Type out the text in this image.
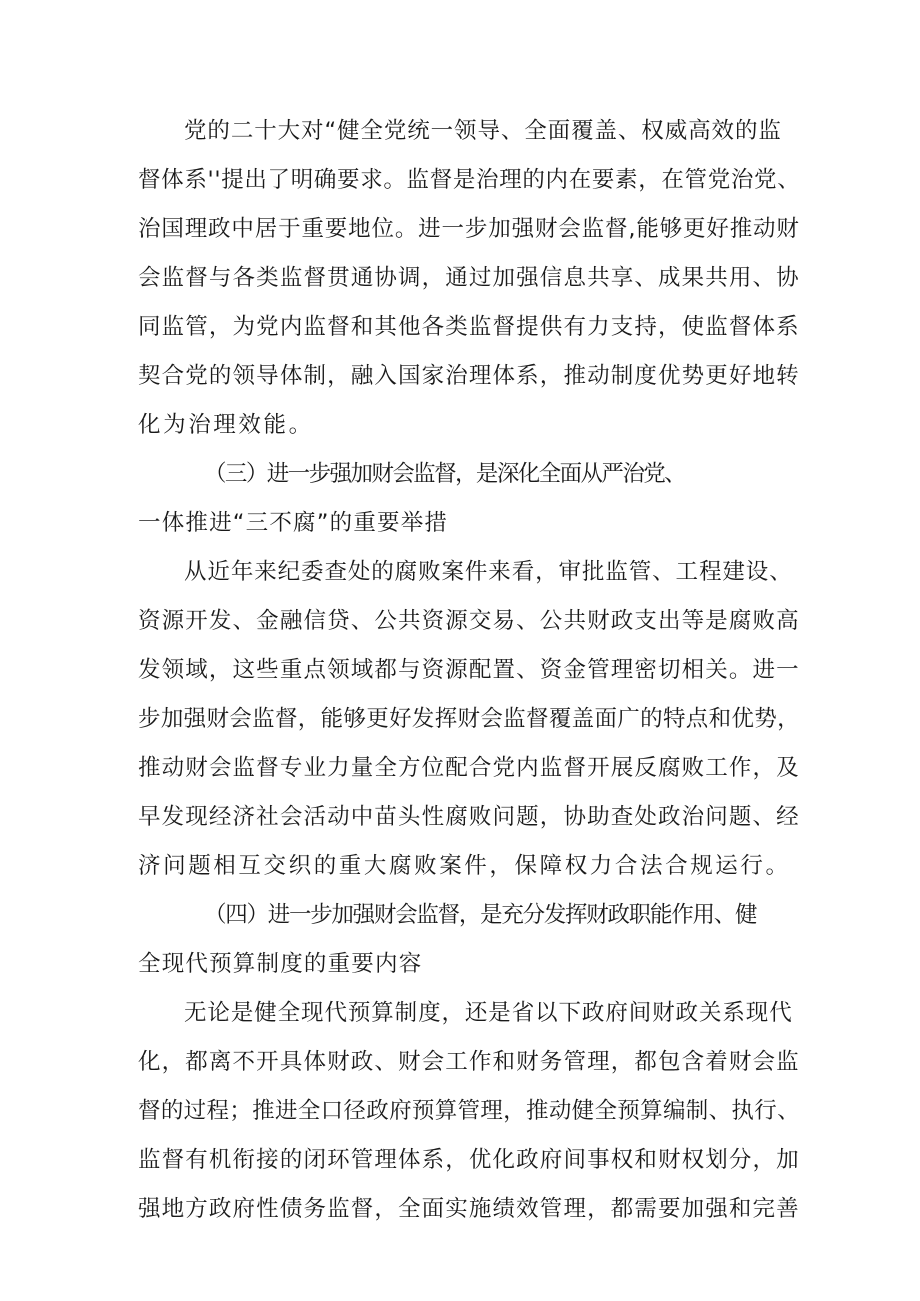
党的二十大对“健全党统一领导、全面覆盖、权威高效的监
督体系''提出了明确要求。监督是治理的内在要素，在管党治党、
治国理政中居于重要地位。进一步加强财会监督,能够更好推动财
会监督与各类监督贯通协调，通过加强信息共享、成果共用、协
同监管，为党内监督和其他各类监督提供有力支持，使监督体系
契合党的领导体制，融入国家治理体系，推动制度优势更好地转
化为治理效能。
（三）进一步强加财会监督，是深化全面从严治党、
一体推进“三不腐”的重要举措
从近年来纪委查处的腐败案件来看，审批监管、工程建设、
资源开发、金融信贷、公共资源交易、公共财政支出等是腐败高
发领域，这些重点领域都与资源配置、资金管理密切相关。进一
步加强财会监督，能够更好发挥财会监督覆盖面广的特点和优势，
推动财会监督专业力量全方位配合党内监督开展反腐败工作，及
早发现经济社会活动中苗头性腐败问题，协助查处政治问题、经
济问题相互交织的重大腐败案件，保障权力合法合规运行。
（四）进一步加强财会监督，是充分发挥财政职能作用、健
全现代预算制度的重要内容
无论是健全现代预算制度，还是省以下政府间财政关系现代
化，都离不开具体财政、财会工作和财务管理，都包含着财会监
督的过程；推进全口径政府预算管理，推动健全预算编制、执行、
监督有机衔接的闭环管理体系，优化政府间事权和财权划分，加
强地方政府性债务监督，全面实施绩效管理，都需要加强和完善
